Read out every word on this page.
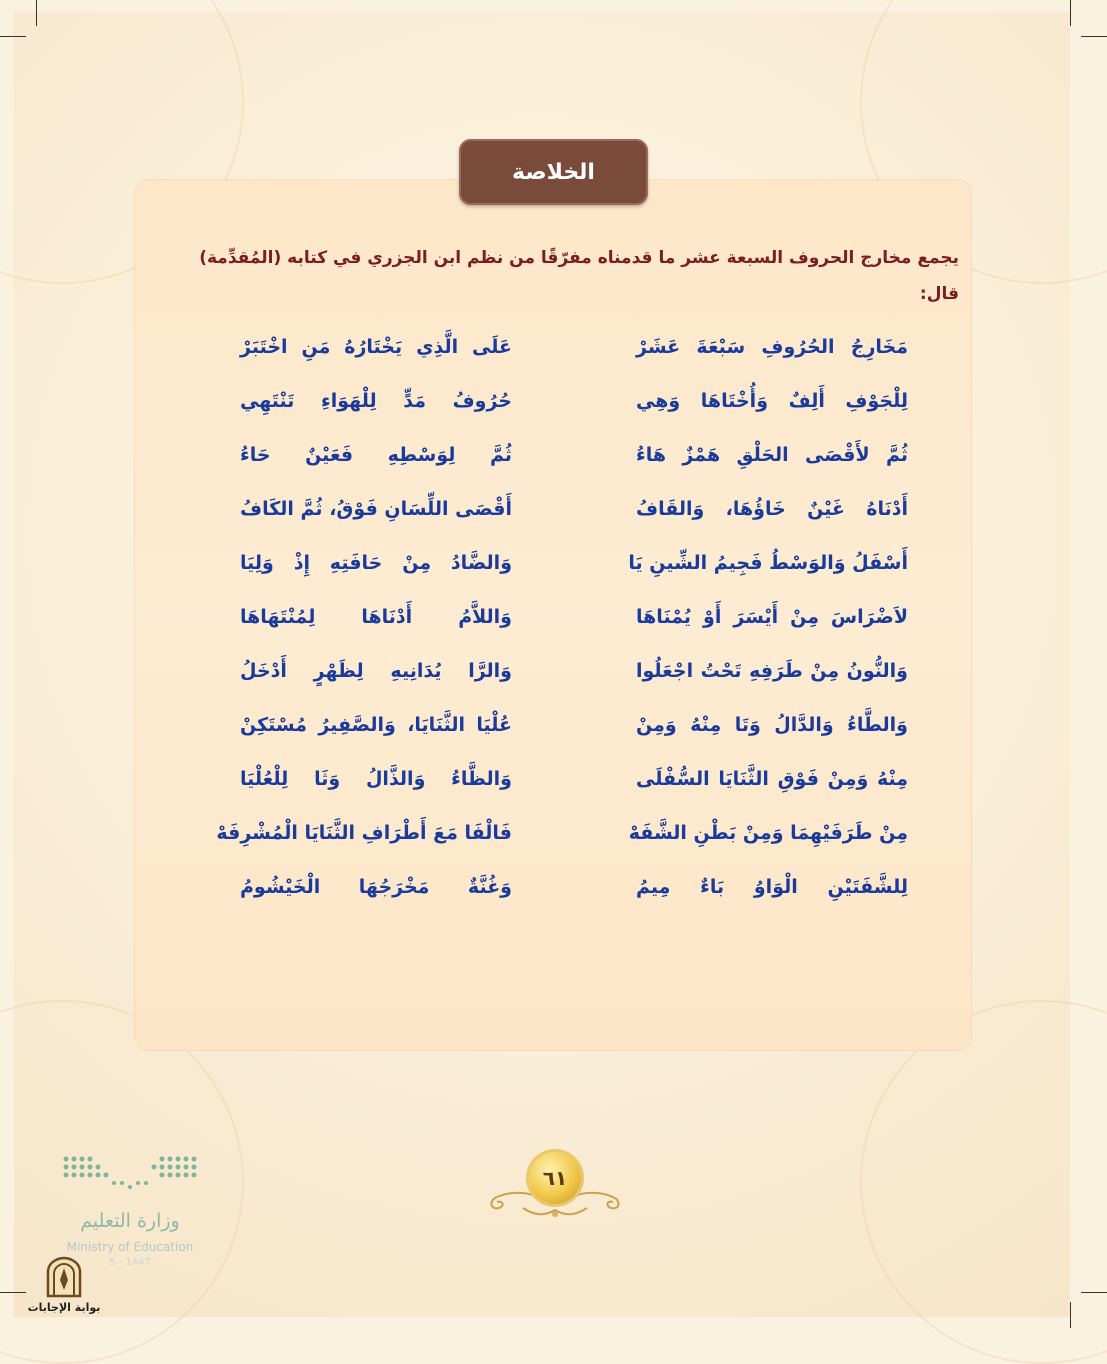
الخلاصة
يجمع مخارج الحروف السبعة عشر ما قدمناه مفرّقًا من نظم ابن الجزري في كتابه (المُقدِّمة)
قال:
مَخَارِجُ الحُرُوفِ سَبْعَةَ عَشَرْ
عَلَى الَّذِي يَخْتَارُهُ مَنِ اخْتَبَرْ
لِلْجَوْفِ أَلِفٌ وَأُخْتَاهَا وَهِي
حُرُوفُ مَدٍّ لِلْهَوَاءِ تَنْتَهِي
ثُمَّ لأَقْصَى الحَلْقِ هَمْزٌ هَاءُ
ثُمَّ لِوَسْطِهِ فَعَيْنٌ حَاءُ
أَدْنَاهُ غَيْنٌ خَاؤُهَا، وَالقَافُ
أَقْصَى اللِّسَانِ فَوْقُ، ثُمَّ الكَافُ
أَسْفَلُ وَالوَسْطُ فَجِيمُ الشِّينِ يَا
وَالضَّادُ مِنْ حَافَتِهِ إِذْ وَلِيَا
لاَضْرَاسَ مِنْ أَيْسَرَ أَوْ يُمْنَاهَا
وَاللاَّمُ أَدْنَاهَا لِمُنْتَهَاهَا
وَالنُّونُ مِنْ طَرَفِهِ تَحْتُ اجْعَلُوا
وَالرَّا يُدَانِيهِ لِظَهْرٍ أَدْخَلُ
وَالطَّاءُ وَالدَّالُ وَتَا مِنْهُ وَمِنْ
عُلْيَا الثَّنَايَا، وَالصَّفِيرُ مُسْتَكِنْ
مِنْهُ وَمِنْ فَوْقِ الثَّنَايَا السُّفْلَى
وَالظَّاءُ وَالذَّالُ وَثَا لِلْعُلْيَا
مِنْ طَرَفَيْهِمَا وَمِنْ بَطْنِ الشَّفَهْ
فَالْفَا مَعَ أَطْرَافِ الثَّنَايَا الْمُشْرِفَهْ
لِلشَّفَتَيْنِ الْوَاوُ بَاءٌ مِيمُ
وَغُنَّةٌ مَخْرَجُهَا الْخَيْشُومُ
٦١
وزارة التعليم
Ministry of Education
5 - 1447
بوابة الإجابات
